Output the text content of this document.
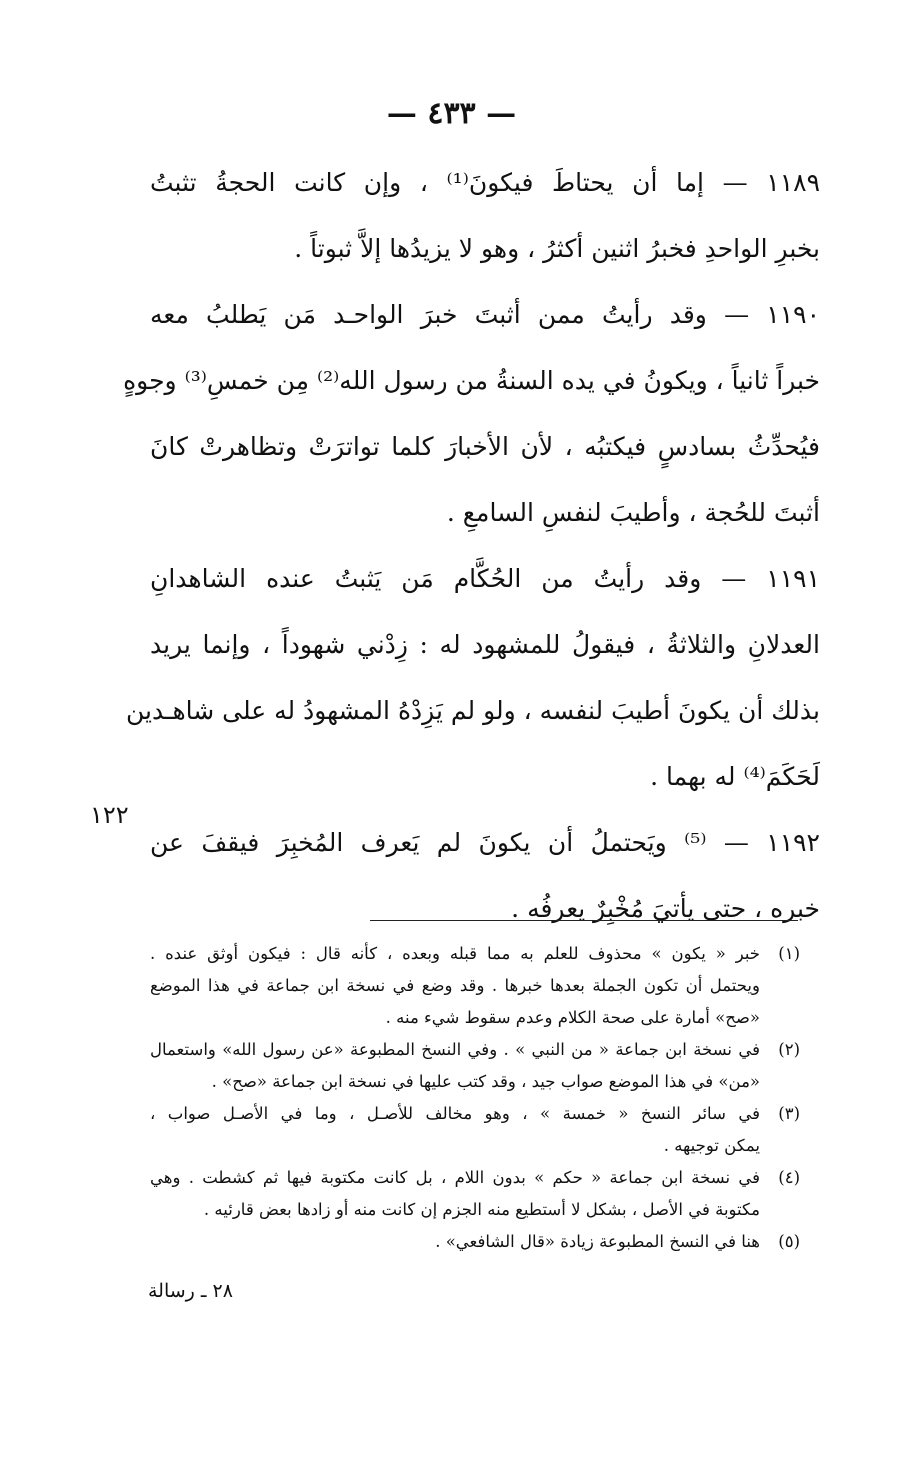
— ٤٣٣ —
١١٨٩ — إما أن يحتاطَ فيكونَ⁽¹⁾ ، وإن كانت الحجةُ تثبتُ
بخبرِ الواحدِ فخبرُ اثنين أكثرُ ، وهو لا يزيدُها إلاَّ ثبوتاً .
١١٩٠ — وقد رأيتُ ممن أثبتَ خبرَ الواحـد مَن يَطلبُ معه
خبراً ثانياً ، ويكونُ في يده السنةُ من رسول الله⁽²⁾ مِن خمسِ⁽³⁾ وجوهٍ
فيُحدِّثُ بسادسٍ فيكتبُه ، لأن الأخبارَ كلما تواترَتْ وتظاهرتْ كانَ
أثبتَ للحُجة ، وأطيبَ لنفسِ السامعِ .
١١٩١ — وقد رأيتُ من الحُكَّام مَن يَثبتُ عنده الشاهدانِ
العدلانِ والثلاثةُ ، فيقولُ للمشهود له : زِدْني شهوداً ، وإنما يريد
بذلك أن يكونَ أطيبَ لنفسه ، ولو لم يَزِدْهُ المشهودُ له على شاهـدين
لَحَكَمَ⁽⁴⁾ له بهما .
١١٩٢ — ⁽⁵⁾ ويَحتملُ أن يكونَ لم يَعرف المُخبِرَ فيقفَ عن
خبره ، حتى يأتيَ مُخْبِرٌ يعرفُه .
١٢٢
(١)
خبر « يكون » محذوف للعلم به مما قبله وبعده ، كأنه قال : فيكون أوثق عنده .
ويحتمل أن تكون الجملة بعدها خبرها . وقد وضع في نسخة ابن جماعة في هذا الموضع
«صح» أمارة على صحة الكلام وعدم سقوط شيء منه .
(٢)
في نسخة ابن جماعة « من النبي » . وفي النسخ المطبوعة «عن رسول الله» واستعمال
«من» في هذا الموضع صواب جيد ، وقد كتب عليها في نسخة ابن جماعة «صح» .
(٣)
في سائر النسخ « خمسة » ، وهو مخالف للأصـل ، وما في الأصـل صواب ،
يمكن توجيهه .
(٤)
في نسخة ابن جماعة « حكم » بدون اللام ، بل كانت مكتوبة فيها ثم كشطت . وهي
مكتوبة في الأصل ، بشكل لا أستطيع منه الجزم إن كانت منه أو زادها بعض قارئيه .
(٥)
هنا في النسخ المطبوعة زيادة «قال الشافعي» .
٢٨ ـ رسالة
